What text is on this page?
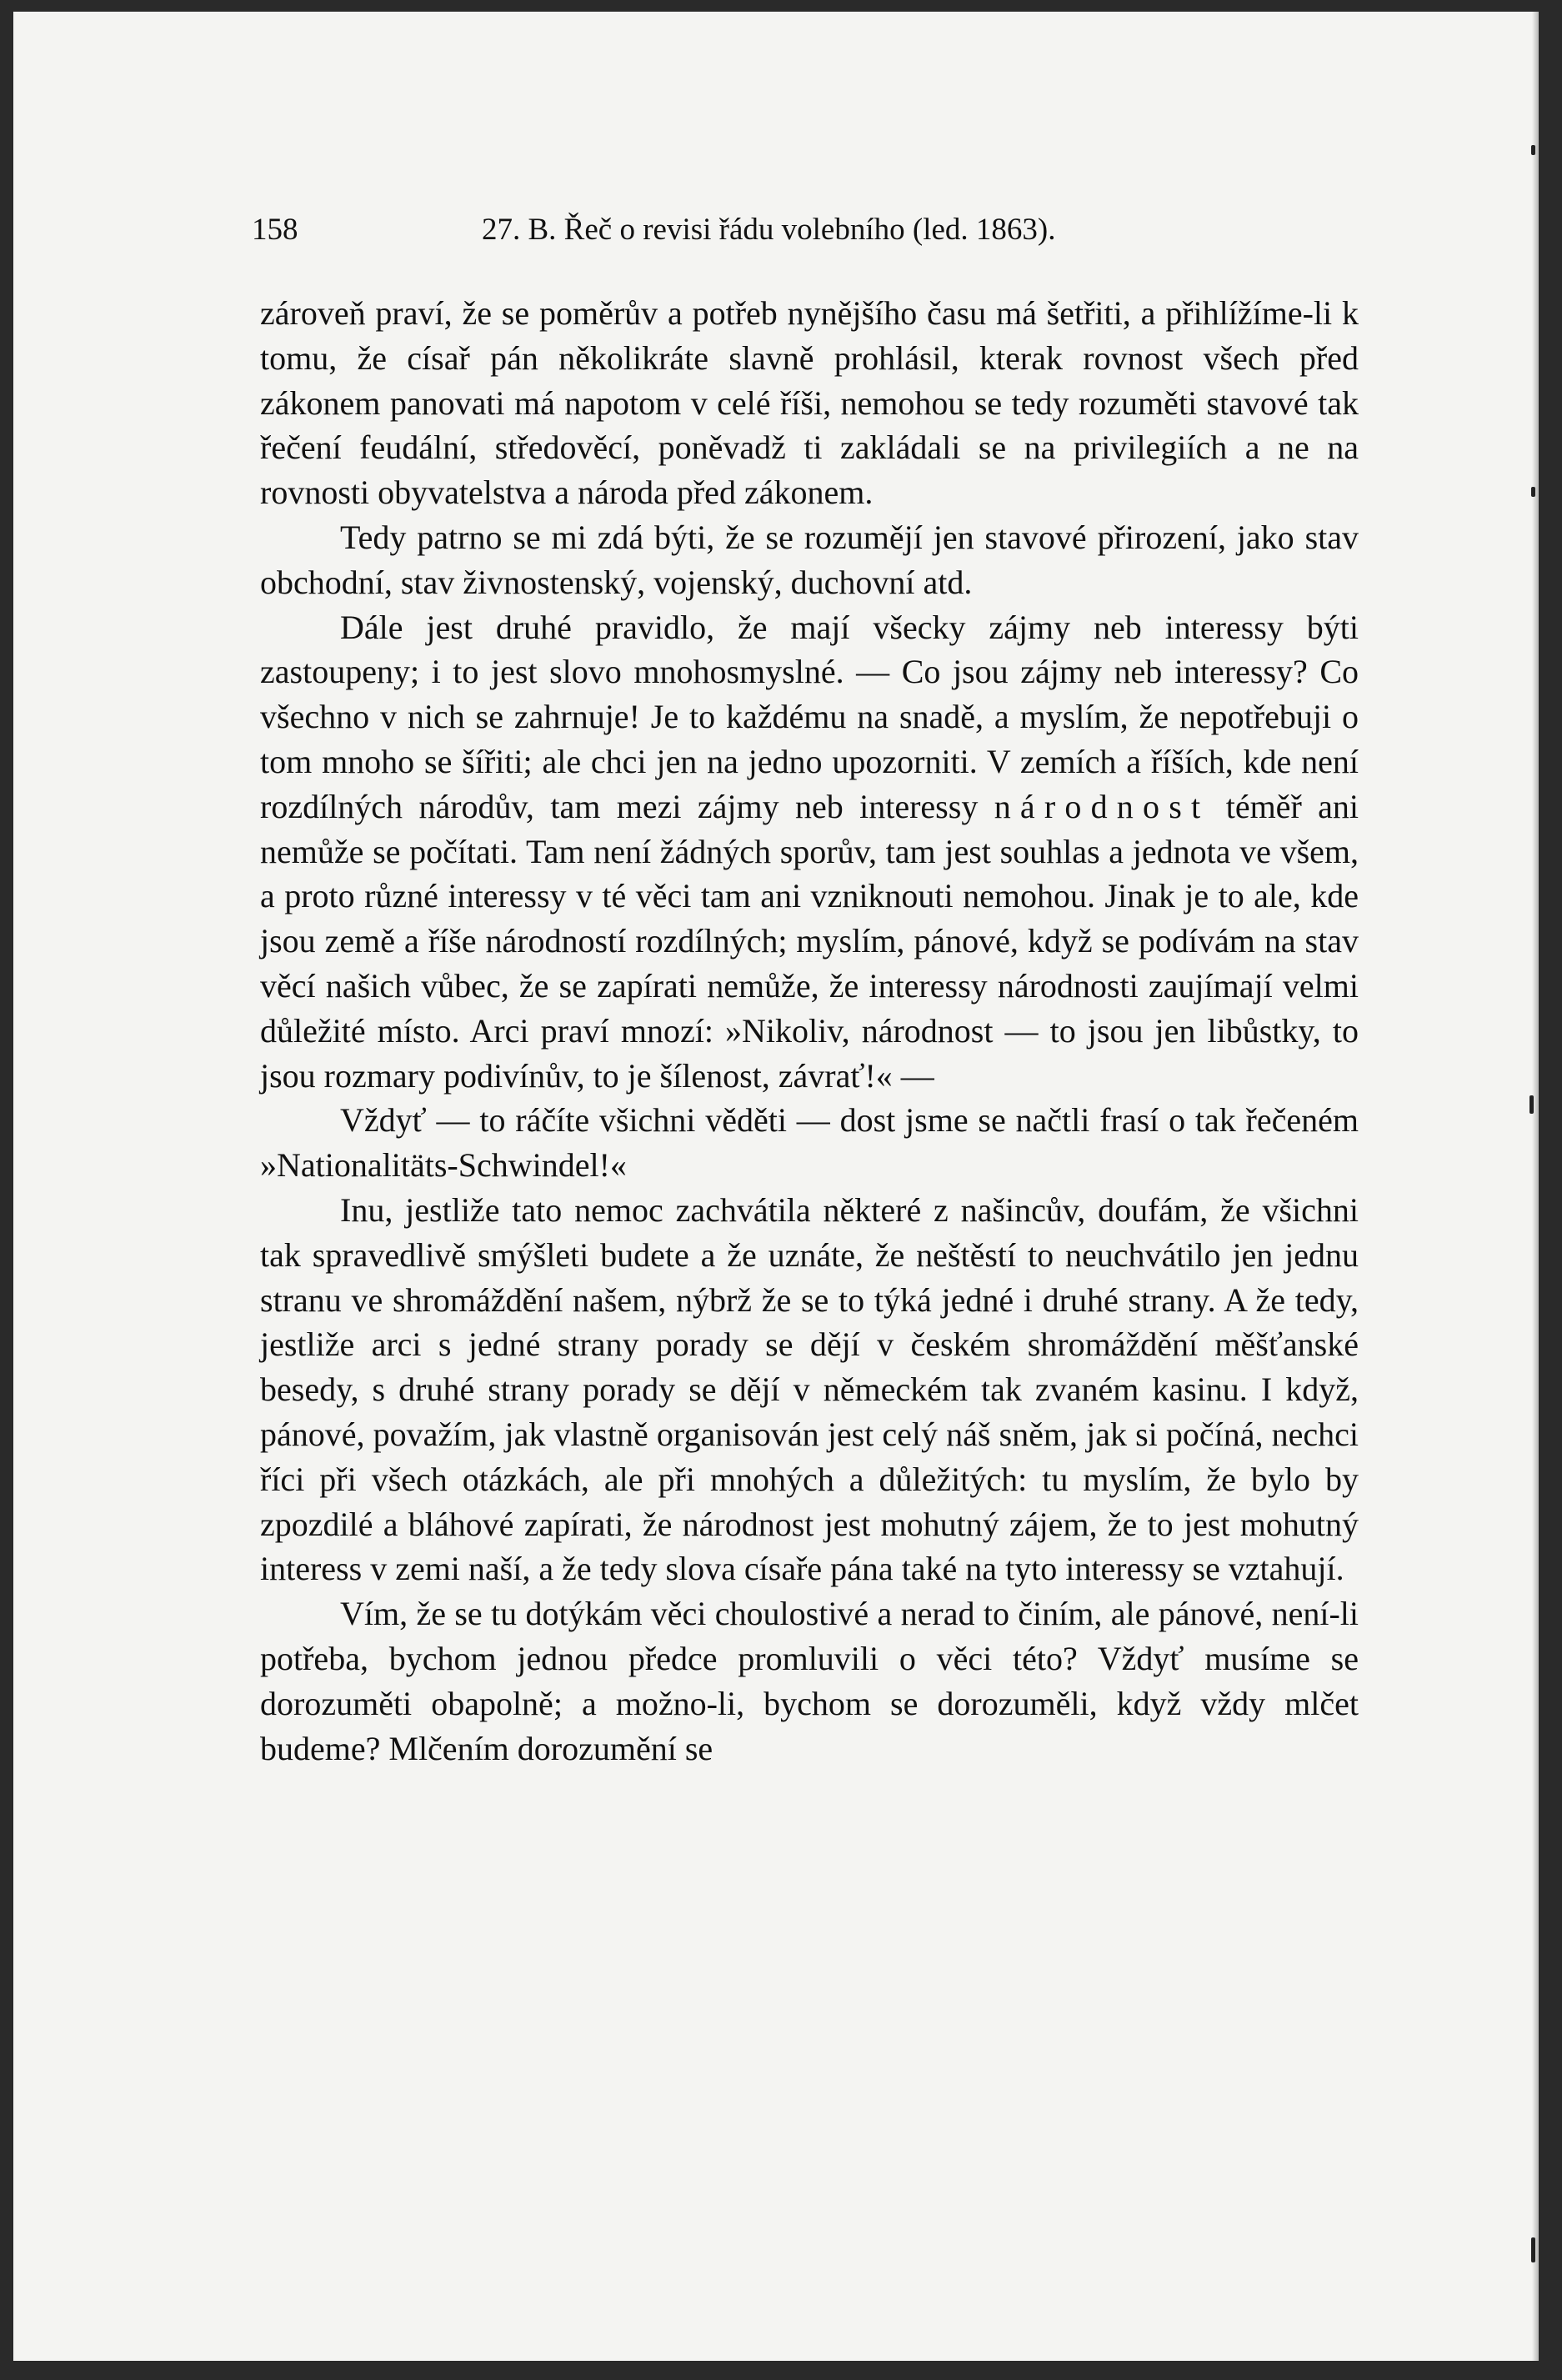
158	27. B. Řeč o revisi řádu volebního (led. 1863).

zároveň praví, že se poměrův a potřeb nynějšího času má šetřiti, a přihlížíme-li k tomu, že císař pán několikráte slavně prohlásil, kterak rovnost všech před zákonem panovati má napotom v celé říši, nemohou se tedy rozuměti stavové tak řečení feudální, středověcí, poněvadž ti zakládali se na privilegiích a ne na rovnosti obyvatelstva a národa před zákonem.

Tedy patrno se mi zdá býti, že se rozumějí jen stavové přirození, jako stav obchodní, stav živnostenský, vojenský, duchovní atd.

Dále jest druhé pravidlo, že mají všecky zájmy neb interessy býti zastoupeny; i to jest slovo mnohosmyslné. — Co jsou zájmy neb interessy? Co všechno v nich se zahrnuje! Je to každému na snadě, a myslím, že nepotřebuji o tom mnoho se šířiti; ale chci jen na jedno upozorniti. V zemích a říších, kde není rozdílných národův, tam mezi zájmy neb interessy národnost téměř ani nemůže se počítati. Tam není žádných sporův, tam jest souhlas a jednota ve všem, a proto různé interessy v té věci tam ani vzniknouti nemohou. Jinak je to ale, kde jsou země a říše národností rozdílných; myslím, pánové, když se podívám na stav věcí našich vůbec, že se zapírati nemůže, že interessy národnosti zaujímají velmi důležité místo. Arci praví mnozí: »Nikoliv, národnost — to jsou jen libůstky, to jsou rozmary podivínův, to je šílenost, závrať!« —

Vždyť — to ráčíte všichni věděti — dost jsme se načtli frasí o tak řečeném »Nationalitäts-Schwindel!«

Inu, jestliže tato nemoc zachvátila některé z našincův, doufám, že všichni tak spravedlivě smýšleti budete a že uznáte, že neštěstí to neuchvátilo jen jednu stranu ve shromáždění našem, nýbrž že se to týká jedné i druhé strany. A že tedy, jestliže arci s jedné strany porady se dějí v českém shromáždění měšťanské besedy, s druhé strany porady se dějí v německém tak zvaném kasinu. I když, pánové, považím, jak vlastně organisován jest celý náš sněm, jak si počíná, nechci říci při všech otázkách, ale při mnohých a důležitých: tu myslím, že bylo by zpozdilé a bláhové zapírati, že národnost jest mohutný zájem, že to jest mohutný interess v zemi naší, a že tedy slova císaře pána také na tyto interessy se vztahují.

Vím, že se tu dotýkám věci choulostivé a nerad to činím, ale pánové, není-li potřeba, bychom jednou předce promluvili o věci této? Vždyť musíme se dorozuměti obapolně; a možno-li, bychom se dorozuměli, když vždy mlčet budeme? Mlčením dorozumění se
